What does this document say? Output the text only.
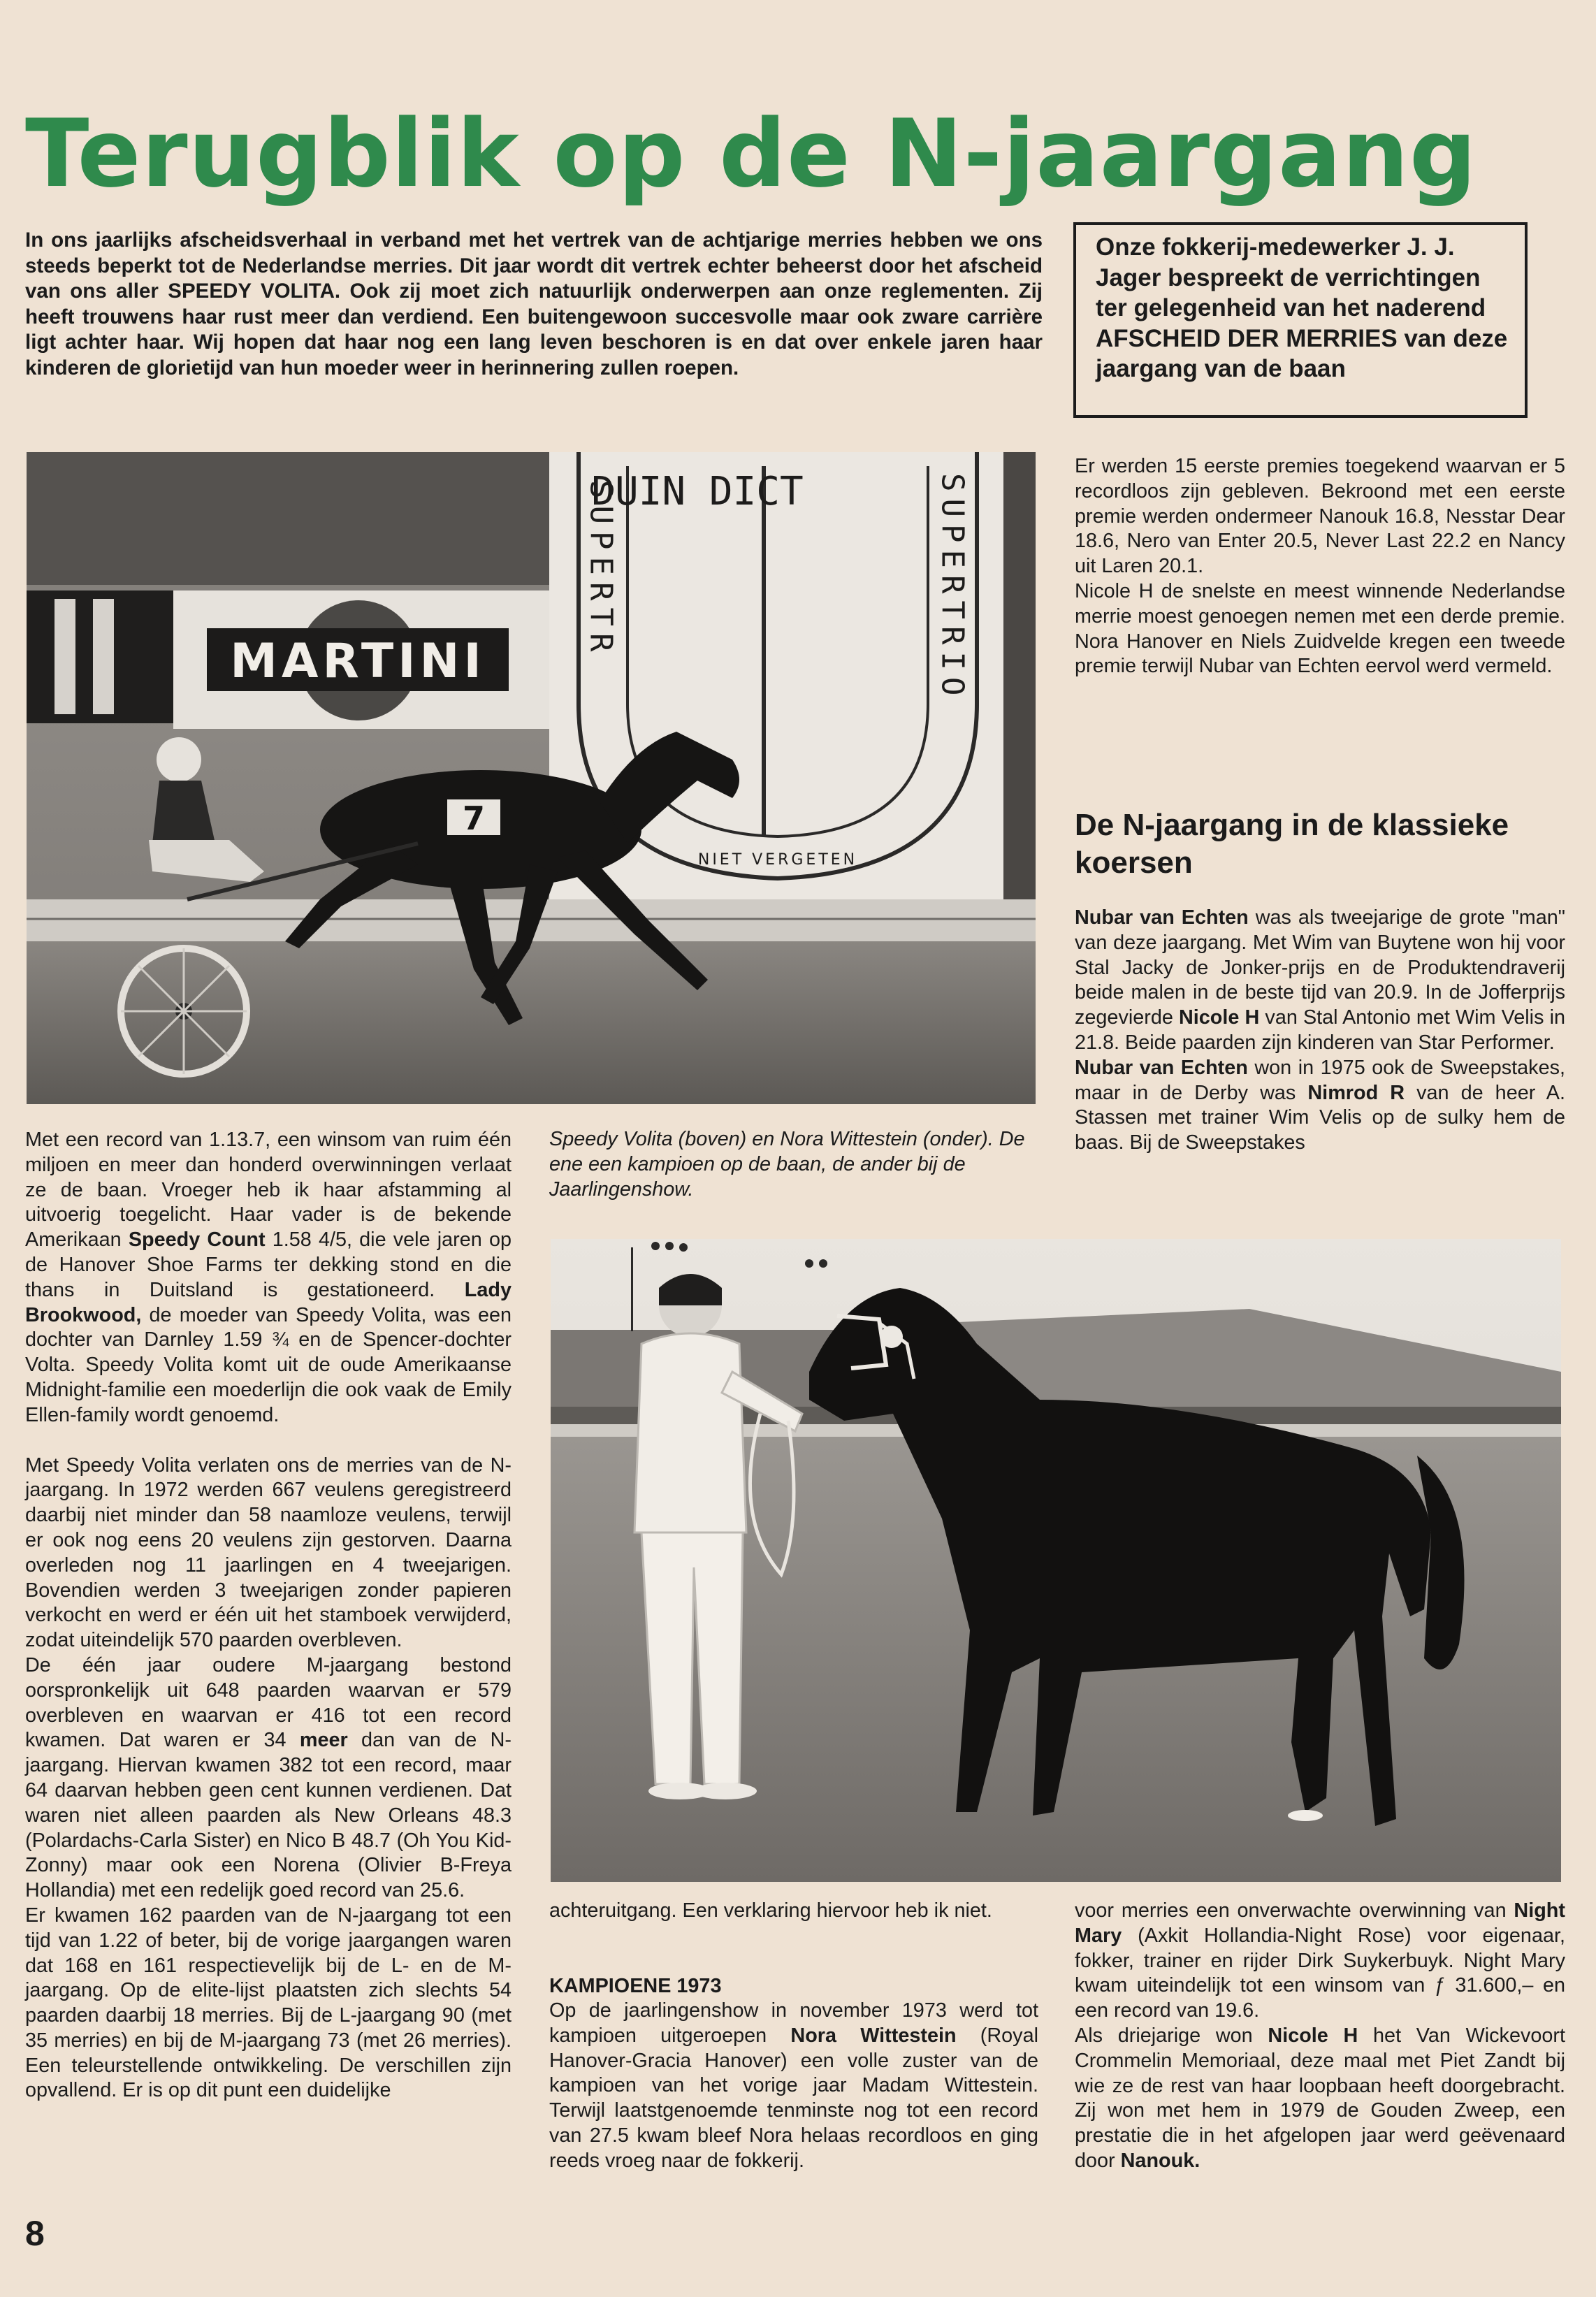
Terugblik op de N-jaargang

In ons jaarlijks afscheidsverhaal in verband met het vertrek van de achtjarige merries hebben we ons steeds beperkt tot de Nederlandse merries. Dit jaar wordt dit vertrek echter beheerst door het afscheid van ons aller SPEEDY VOLITA. Ook zij moet zich natuurlijk onderwerpen aan onze reglementen. Zij heeft trouwens haar rust meer dan verdiend. Een buitengewoon succesvolle maar ook zware carrière ligt achter haar. Wij hopen dat haar nog een lang leven beschoren is en dat over enkele jaren haar kinderen de glorietijd van hun moeder weer in herinnering zullen roepen.

Onze fokkerij-medewerker J. J. Jager bespreekt de verrichtingen ter gelegenheid van het naderend AFSCHEID DER MERRIES van deze jaargang van de baan
MARTINI
DUIN DICT
SUPERTR	SUPERTRIO
NIET VERGETEN
7

Speedy Volita (boven) en Nora Wittestein (onder). De ene een kampioen op de baan, de ander bij de Jaarlingenshow.

Met een record van 1.13.7, een winsom van ruim één miljoen en meer dan honderd overwinningen verlaat ze de baan. Vroeger heb ik haar afstamming al uitvoerig toegelicht. Haar vader is de bekende Amerikaan Speedy Count 1.58 4/5, die vele jaren op de Hanover Shoe Farms ter dekking stond en die thans in Duitsland is gestationeerd. Lady Brookwood, de moeder van Speedy Volita, was een dochter van Darnley 1.59 ¾ en de Spencer-dochter Volta. Speedy Volita komt uit de oude Amerikaanse Midnight-familie een moederlijn die ook vaak de Emily Ellen-family wordt genoemd.

Met Speedy Volita verlaten ons de merries van de N-jaargang. In 1972 werden 667 veulens geregistreerd daarbij niet minder dan 58 naamloze veulens, terwijl er ook nog eens 20 veulens zijn gestorven. Daarna overleden nog 11 jaarlingen en 4 tweejarigen. Bovendien werden 3 tweejarigen zonder papieren verkocht en werd er één uit het stamboek verwijderd, zodat uiteindelijk 570 paarden overbleven.

De één jaar oudere M-jaargang bestond oorspronkelijk uit 648 paarden waarvan er 579 overbleven en waarvan er 416 tot een record kwamen. Dat waren er 34 meer dan van de N-jaargang. Hiervan kwamen 382 tot een record, maar 64 daarvan hebben geen cent kunnen verdienen. Dat waren niet alleen paarden als New Orleans 48.3 (Polardachs-Carla Sister) en Nico B 48.7 (Oh You Kid-Zonny) maar ook een Norena (Olivier B-Freya Hollandia) met een redelijk goed record van 25.6.

Er kwamen 162 paarden van de N-jaargang tot een tijd van 1.22 of beter, bij de vorige jaargangen waren dat 168 en 161 respectievelijk bij de L- en de M-jaargang. Op de elite-lijst plaatsten zich slechts 54 paarden daarbij 18 merries. Bij de L-jaargang 90 (met 35 merries) en bij de M-jaargang 73 (met 26 merries). Een teleurstellende ontwikkeling. De verschillen zijn opvallend. Er is op dit punt een duidelijke

achteruitgang. Een verklaring hiervoor heb ik niet.

KAMPIOENE 1973

Op de jaarlingenshow in november 1973 werd tot kampioen uitgeroepen Nora Wittestein (Royal Hanover-Gracia Hanover) een volle zuster van de kampioen van het vorige jaar Madam Wittestein. Terwijl laatstgenoemde tenminste nog tot een record van 27.5 kwam bleef Nora helaas recordloos en ging reeds vroeg naar de fokkerij.

Er werden 15 eerste premies toegekend waarvan er 5 recordloos zijn gebleven. Bekroond met een eerste premie werden ondermeer Nanouk 16.8, Nesstar Dear 18.6, Nero van Enter 20.5, Never Last 22.2 en Nancy uit Laren 20.1.

Nicole H de snelste en meest winnende Nederlandse merrie moest genoegen nemen met een derde premie. Nora Hanover en Niels Zuidvelde kregen een tweede premie terwijl Nubar van Echten eervol werd vermeld.

De N-jaargang in de klassieke koersen

Nubar van Echten was als tweejarige de grote "man" van deze jaargang. Met Wim van Buytene won hij voor Stal Jacky de Jonker-prijs en de Produktendraverij beide malen in de beste tijd van 20.9. In de Jofferprijs zegevierde Nicole H van Stal Antonio met Wim Velis in 21.8. Beide paarden zijn kinderen van Star Performer.

Nubar van Echten won in 1975 ook de Sweepstakes, maar in de Derby was Nimrod R van de heer A. Stassen met trainer Wim Velis op de sulky hem de baas. Bij de Sweepstakes

voor merries een onverwachte overwinning van Night Mary (Axkit Hollandia-Night Rose) voor eigenaar, fokker, trainer en rijder Dirk Suykerbuyk. Night Mary kwam uiteindelijk tot een winsom van ƒ 31.600,– en een record van 19.6.

Als driejarige won Nicole H het Van Wickevoort Crommelin Memoriaal, deze maal met Piet Zandt bij wie ze de rest van haar loopbaan heeft doorgebracht. Zij won met hem in 1979 de Gouden Zweep, een prestatie die in het afgelopen jaar werd geëvenaard door Nanouk.

8
